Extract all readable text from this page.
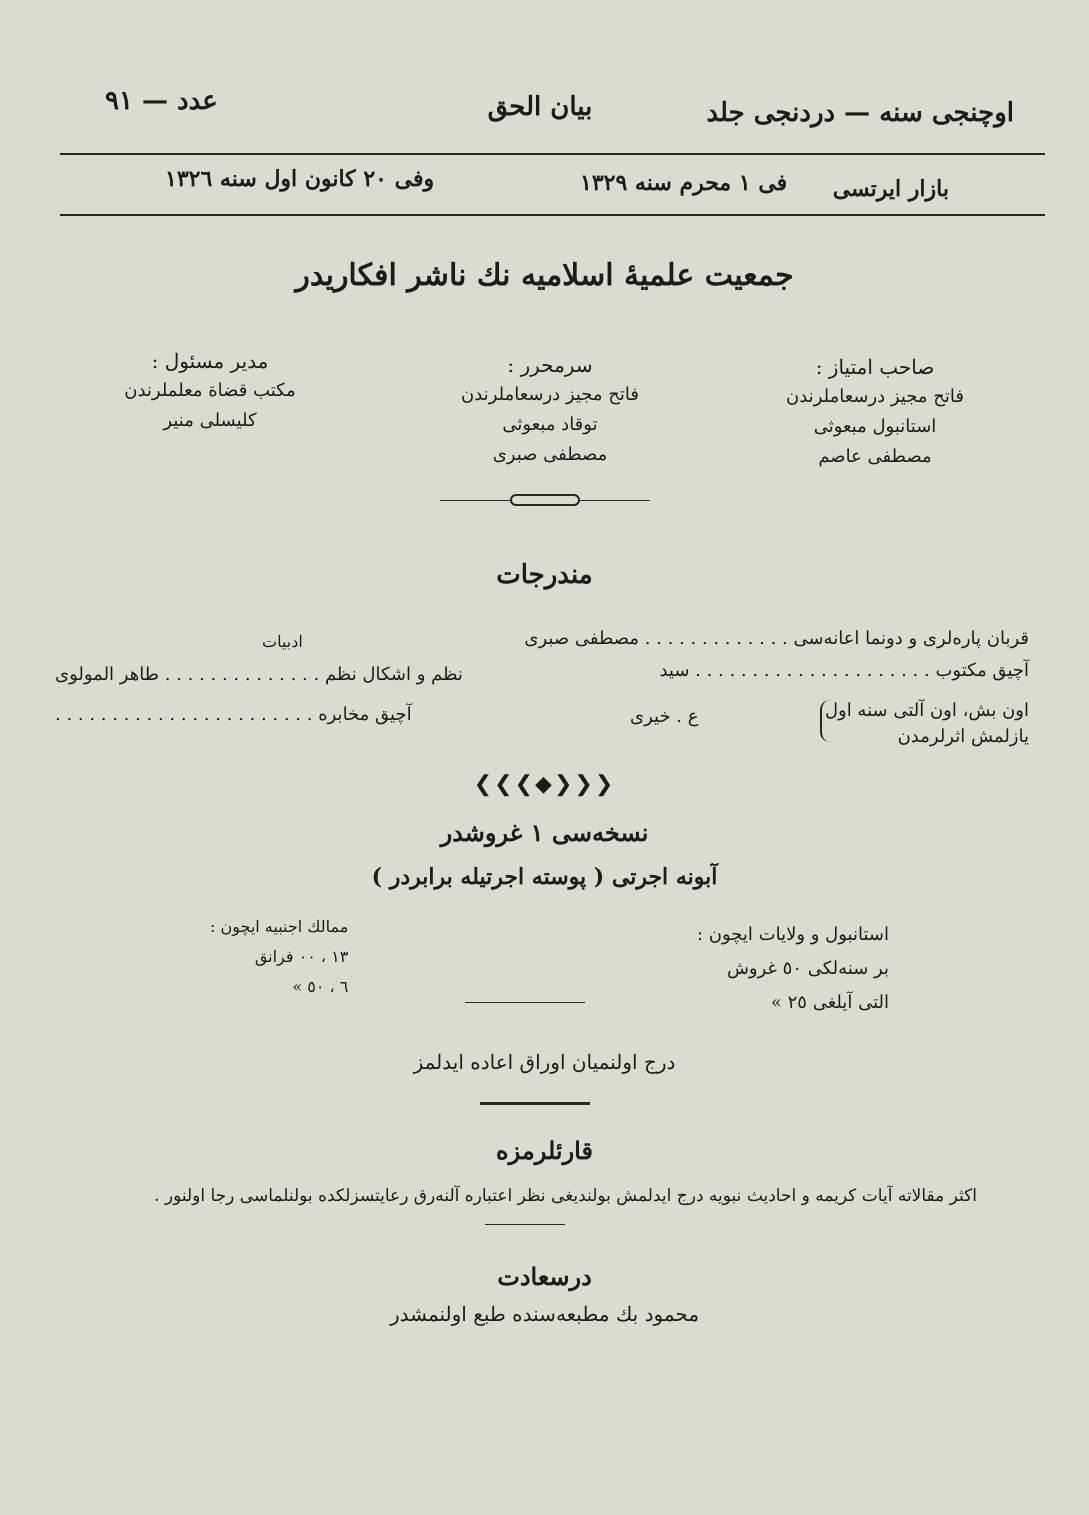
اوچنجی سنه — دردنجی جلد
بيان الحق
عدد — ٩١
بازار ایرتسی
فی ١ محرم سنه ١٣٢٩
وفی ٢٠ کانون اول سنه ١٣٢٦
جمعیت علمیهٔ اسلامیه نك ناشر افکاریدر
صاحب امتیاز :
فاتح مجیز درسعاملرندن
استانبول مبعوثی
مصطفی عاصم
سرمحرر :
فاتح مجیز درسعاملرندن
توقاد مبعوثی
مصطفی صبری
مدیر مسئول :
مکتب قضاة معلملرندن
کلیسلی منیر
مندرجات
قربان پاره‌لری و دونما اعانه‌سی . . . . . . . . . . . . . مصطفی صبری
آچیق مکتوب . . . . . . . . . . . . . . . . . . . . . سید
اون بش، اون آلتی سنه اول
یازلمش اثرلرمدن
ع . خیری
ادبیات
نظم و اشکال نظم . . . . . . . . . . . . . . طاهر المولوی
آچیق مخابره . . . . . . . . . . . . . . . . . . . . . . .
❮❮❮◆❯❯❯
نسخه‌سی ١ غروشدر
آبونه اجرتی ( پوسته اجرتیله برابردر )
استانبول و ولایات ایچون :
بر سنه‌لکی ٥٠ غروش
التی آیلغی ٢٥ »
ممالك اجنبیه ایچون :
١٣ ، ٠٠ فرانق
٦ ، ٥٠ »
درج اولنمیان اوراق اعاده ایدلمز
قارئلرمزه
اکثر مقالاته آیات کریمه و احادیث نبویه درج ایدلمش بولندیغی نظر اعتباره آلنه‌رق رعایتسزلکده بولنلماسی رجا اولنور .
درسعادت
محمود بك مطبعه‌سنده طبع اولنمشدر
